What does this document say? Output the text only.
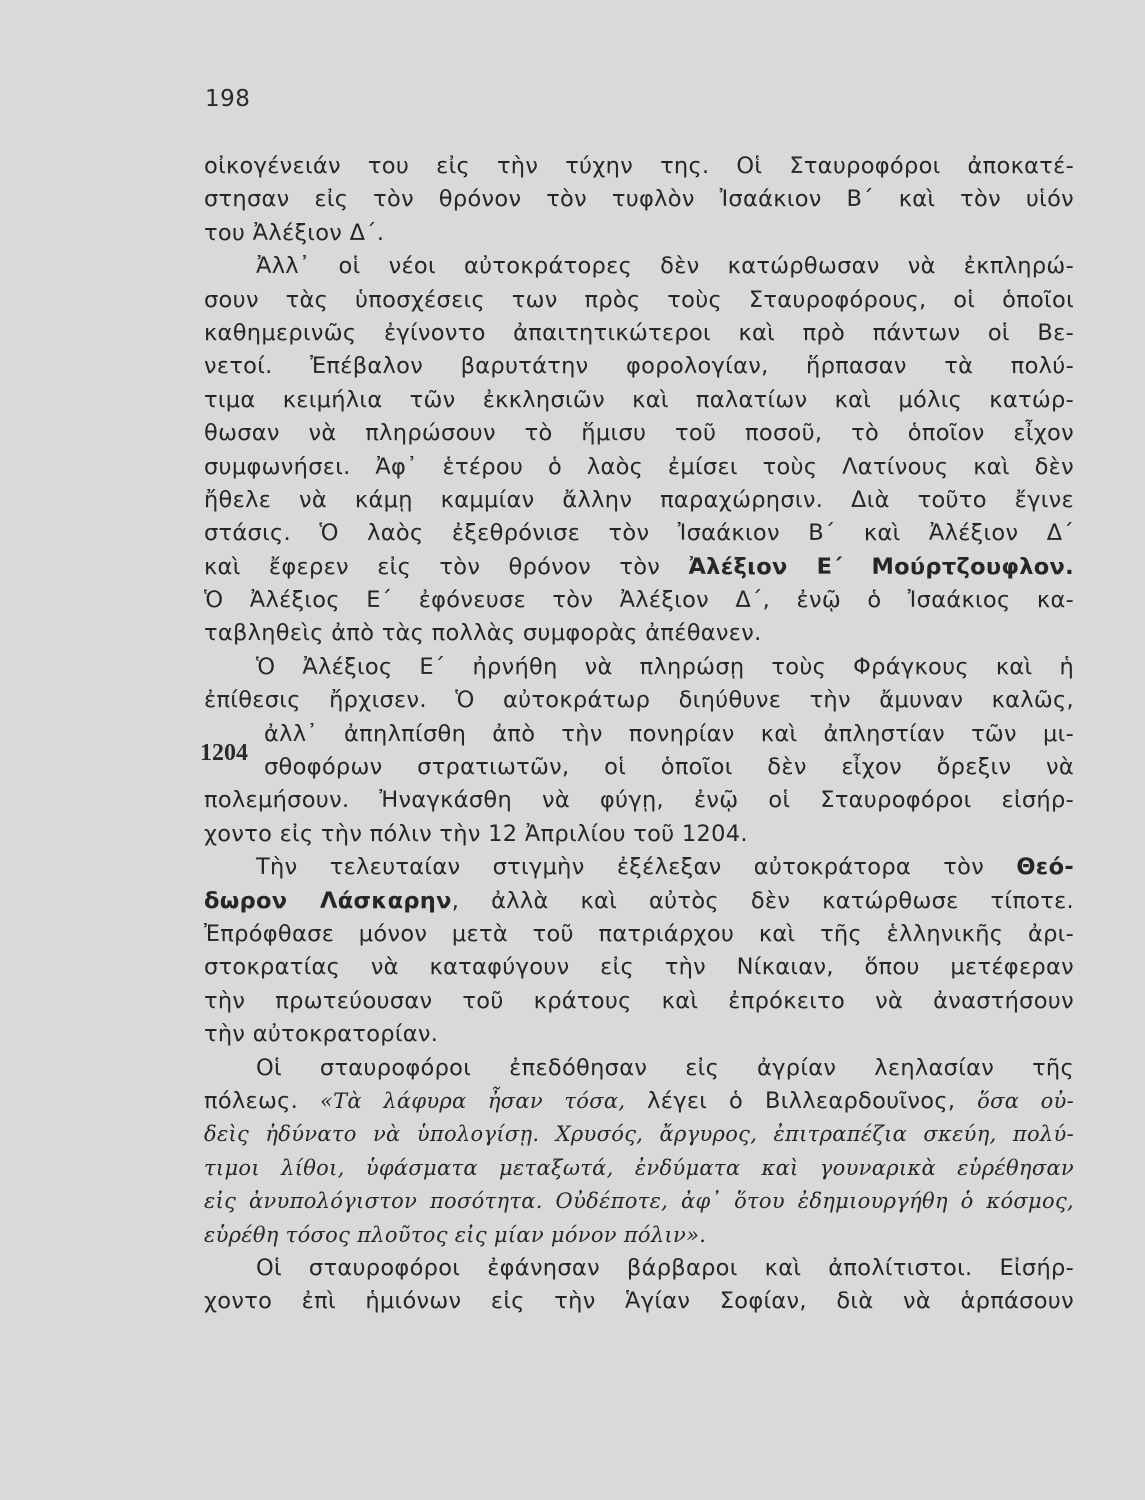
198
1204
οἰκογένειάν του εἰς τὴν τύχην της. Οἱ Σταυροφόροι ἀποκατέ-
στησαν εἰς τὸν θρόνον τὸν τυφλὸν Ἰσαάκιον Β΄ καὶ τὸν υἱόν
του Ἀλέξιον Δ΄.
Ἀλλ᾽ οἱ νέοι αὐτοκράτορες δὲν κατώρθωσαν νὰ ἐκπληρώ-
σουν τὰς ὑποσχέσεις των πρὸς τοὺς Σταυροφόρους, οἱ ὁποῖοι
καθημερινῶς ἐγίνοντο ἀπαιτητικώτεροι καὶ πρὸ πάντων οἱ Βε-
νετοί. Ἐπέβαλον βαρυτάτην φορολογίαν, ἥρπασαν τὰ πολύ-
τιμα κειμήλια τῶν ἐκκλησιῶν καὶ παλατίων καὶ μόλις κατώρ-
θωσαν νὰ πληρώσουν τὸ ἥμισυ τοῦ ποσοῦ, τὸ ὁποῖον εἶχον
συμφωνήσει. Ἀφ᾽ ἑτέρου ὁ λαὸς ἐμίσει τοὺς Λατίνους καὶ δὲν
ἤθελε νὰ κάμῃ καμμίαν ἄλλην παραχώρησιν. Διὰ τοῦτο ἔγινε
στάσις. Ὁ λαὸς ἐξεθρόνισε τὸν Ἰσαάκιον Β΄ καὶ Ἀλέξιον Δ΄
καὶ ἔφερεν εἰς τὸν θρόνον τὸν Ἀλέξιον Ε΄ Μούρτζουφλον.
Ὁ Ἀλέξιος Ε΄ ἐφόνευσε τὸν Ἀλέξιον Δ΄, ἐνῷ ὁ Ἰσαάκιος κα-
ταβληθεὶς ἀπὸ τὰς πολλὰς συμφορὰς ἀπέθανεν.
Ὁ Ἀλέξιος Ε΄ ἠρνήθη νὰ πληρώσῃ τοὺς Φράγκους καὶ ἡ
ἐπίθεσις ἤρχισεν. Ὁ αὐτοκράτωρ διηύθυνε τὴν ἄμυναν καλῶς,
ἀλλ᾽ ἀπηλπίσθη ἀπὸ τὴν πονηρίαν καὶ ἀπληστίαν τῶν μι-
σθοφόρων στρατιωτῶν, οἱ ὁποῖοι δὲν εἶχον ὄρεξιν νὰ
πολεμήσουν. Ἠναγκάσθη νὰ φύγῃ, ἐνῷ οἱ Σταυροφόροι εἰσήρ-
χοντο εἰς τὴν πόλιν τὴν 12 Ἀπριλίου τοῦ 1204.
Τὴν τελευταίαν στιγμὴν ἐξέλεξαν αὐτοκράτορα τὸν Θεό-
δωρον Λάσκαρην, ἀλλὰ καὶ αὐτὸς δὲν κατώρθωσε τίποτε.
Ἐπρόφθασε μόνον μετὰ τοῦ πατριάρχου καὶ τῆς ἑλληνικῆς ἀρι-
στοκρατίας νὰ καταφύγουν εἰς τὴν Νίκαιαν, ὅπου μετέφεραν
τὴν πρωτεύουσαν τοῦ κράτους καὶ ἐπρόκειτο νὰ ἀναστήσουν
τὴν αὐτοκρατορίαν.
Οἱ σταυροφόροι ἐπεδόθησαν εἰς ἀγρίαν λεηλασίαν τῆς
πόλεως. «Τὰ λάφυρα ἦσαν τόσα, λέγει ὁ Βιλλεαρδουῖνος, ὅσα οὐ-
δεὶς ἠδύνατο νὰ ὑπολογίσῃ. Χρυσός, ἄργυρος, ἐπιτραπέζια σκεύη, πολύ-
τιμοι λίθοι, ὑφάσματα μεταξωτά, ἐνδύματα καὶ γουναρικὰ εὑρέθησαν
εἰς ἀνυπολόγιστον ποσότητα. Οὐδέποτε, ἀφ᾽ ὅτου ἐδημιουργήθη ὁ κόσμος,
εὑρέθη τόσος πλοῦτος εἰς μίαν μόνον πόλιν».
Οἱ σταυροφόροι ἐφάνησαν βάρβαροι καὶ ἀπολίτιστοι. Εἰσήρ-
χοντο ἐπὶ ἡμιόνων εἰς τὴν Ἁγίαν Σοφίαν, διὰ νὰ ἁρπάσουν
